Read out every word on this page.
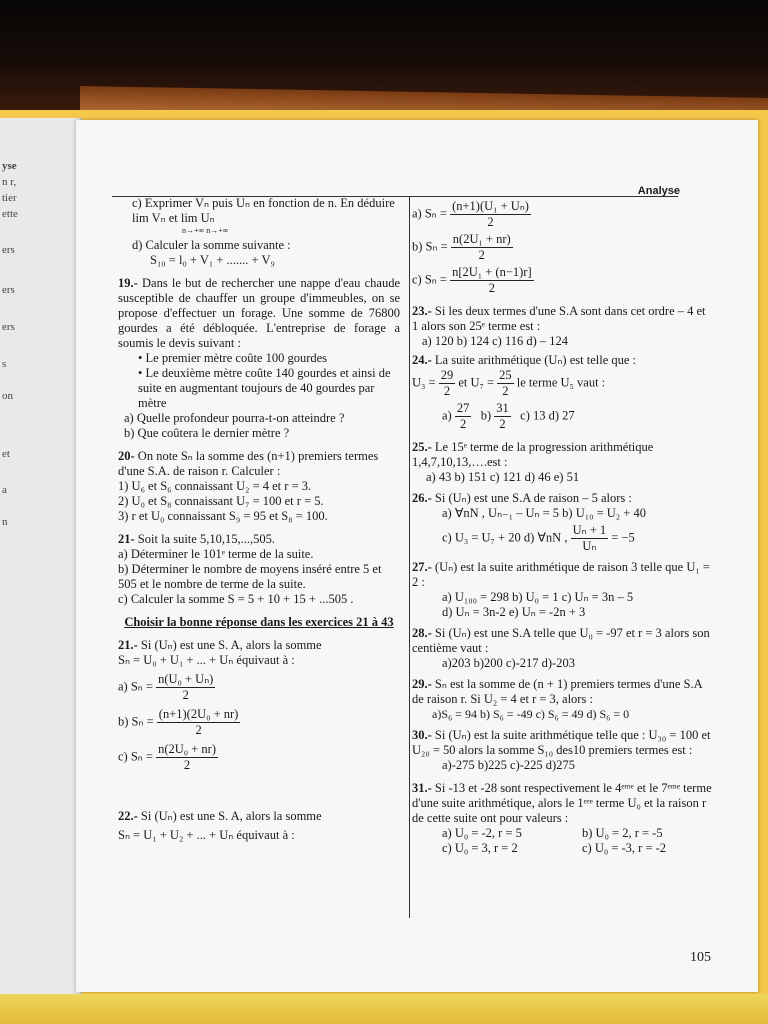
yse
n r,
tier
ette
ers
ers
ers
s
on
et
a
n
Analyse

c) Exprimer Vₙ puis Uₙ en fonction de n. En déduire lim Vₙ et lim Uₙ

n→+∞ n→+∞

d) Calculer la somme suivante :

S₁₀ = l₀ + V₁ + ....... + V₉

19.- Dans le but de rechercher une nappe d'eau chaude susceptible de chauffer un groupe d'immeubles, on se propose d'effectuer un forage. Une somme de 76800 gourdes a été débloquée. L'entreprise de forage a soumis le devis suivant :

• Le premier mètre coûte 100 gourdes

• Le deuxième mètre coûte 140 gourdes et ainsi de suite en augmentant toujours de 40 gourdes par mètre

a) Quelle profondeur pourra-t-on atteindre ?

b) Que coûtera le dernier mètre ?

20- On note Sₙ la somme des (n+1) premiers termes d'une S.A. de raison r. Calculer :

1) U₆ et S₆ connaissant U₂ = 4 et r = 3.

2) U₀ et S₈ connaissant U₇ = 100 et r = 5.

3) r et U₀ connaissant S₉ = 95 et S₈ = 100.

21- Soit la suite 5,10,15,...,505.

a) Déterminer le 101ᵉ terme de la suite.

b) Déterminer le nombre de moyens inséré entre 5 et 505 et le nombre de terme de la suite.

c) Calculer la somme S = 5 + 10 + 15 + ...505 .

Choisir la bonne réponse dans les exercices 21 à 43

21.- Si (Uₙ) est une S. A, alors la somme

Sₙ = U₀ + U₁ + ... + Uₙ équivaut à :

a) $S_n = \frac{\text{n(U₀ + Uₙ)}}{2}$

b) $S_n = \frac{\text{(n+1)(2U₀ + nr)}}{2}$

c) $S_n = \frac{\text{n(2U₀ + nr)}}{2}$

22.- Si (Uₙ) est une S. A, alors la somme

Sₙ = U₁ + U₂ + ... + Uₙ équivaut à :

a) $S_n = \frac{\text{(n+1)(U₁ + Uₙ)}}{2}$

b) $S_n = \frac{\text{n(2U₁ + nr)}}{2}$

c) $S_n = \frac{\text{n[2U₁ + (n−1)r]}}{2}$

23.- Si les deux termes d'une S.A sont dans cet ordre – 4 et 1 alors son 25ᵉ terme est :

a) 120 b) 124 c) 116 d) – 124

24.- La suite arithmétique (Uₙ) est telle que :

$U_3 = \frac{29}{2}$ et $U_7 = \frac{25}{2}$ le terme U₅ vaut :

$a) \frac{27}{2} b) \frac{31}{2} c$) 13 d) 27

25.- Le 15ᵉ terme de la progression arithmétique 1,4,7,10,13,….est :

a) 43 b) 151 c) 121 d) 46 e) 51

26.- Si (Uₙ) est une S.A de raison – 5 alors :

a) ∀nN , Uₙ₋₁ – Uₙ = 5 b) U₁₀ = U₂ + 40

c) U₃ = U₇ + 20 d) ∀nN , $\frac{\text{Uₙ + 1}}{\text{Uₙ}} = -5$

27.- (Uₙ) est la suite arithmétique de raison 3 telle que U₁ = 2 :

a) U₁₀₀ = 298 b) U₀ = 1 c) Uₙ = 3n – 5

d) Uₙ = 3n-2 e) Uₙ = -2n + 3

28.- Si (Uₙ) est une S.A telle que U₀ = -97 et r = 3 alors son centième vaut :

a)203 b)200 c)-217 d)-203

29.- Sₙ est la somme de (n + 1) premiers termes d'une S.A de raison r. Si U₂ = 4 et r = 3, alors :

a)S₆ = 94 b) S₆ = -49 c) S₆ = 49 d) S₆ = 0

30.- Si (Uₙ) est la suite arithmétique telle que : U₃₀ = 100 et U₂₀ = 50 alors la somme S₁₀ des10 premiers termes est :

a)-275 b)225 c)-225 d)275

31.- Si -13 et -28 sont respectivement le 4ᵉᵐᵉ et le 7ᵉᵐᵉ terme d'une suite arithmétique, alors le 1ᵉʳᵉ terme U₀ et la raison r de cette suite ont pour valeurs :

a) U₀ = -2, r = 5	b) U₀ = 2, r = -5
c) U₀ = 3, r = 2	c) U₀ = -3, r = -2
105
